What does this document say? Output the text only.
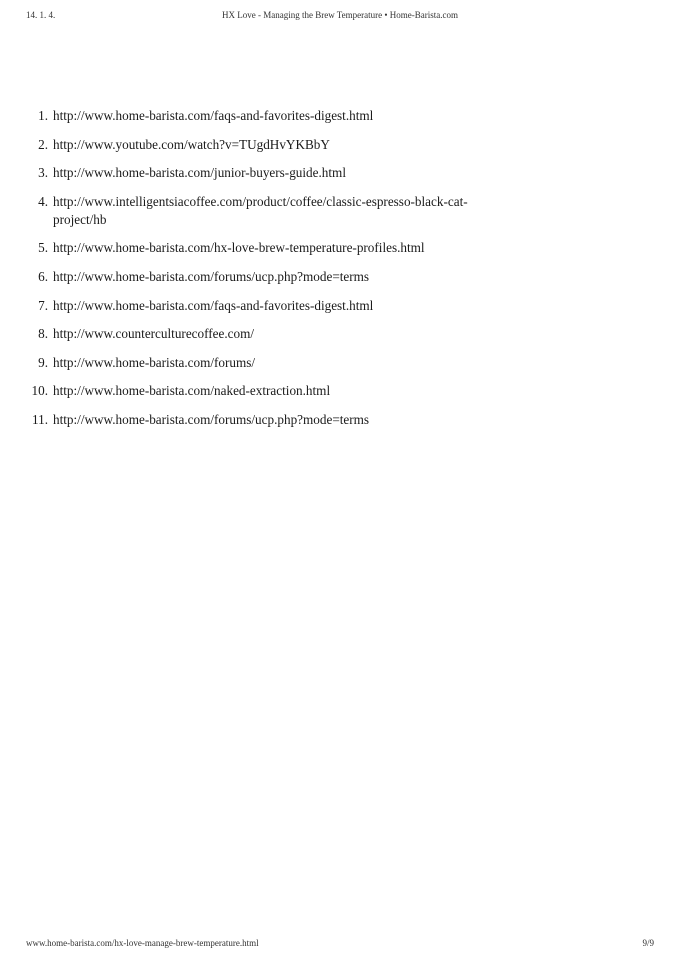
14. 1. 4.	HX Love - Managing the Brew Temperature • Home-Barista.com
1. http://www.home-barista.com/faqs-and-favorites-digest.html
2. http://www.youtube.com/watch?v=TUgdHvYKBbY
3. http://www.home-barista.com/junior-buyers-guide.html
4. http://www.intelligentsiacoffee.com/product/coffee/classic-espresso-black-cat-
project/hb
5. http://www.home-barista.com/hx-love-brew-temperature-profiles.html
6. http://www.home-barista.com/forums/ucp.php?mode=terms
7. http://www.home-barista.com/faqs-and-favorites-digest.html
8. http://www.counterculturecoffee.com/
9. http://www.home-barista.com/forums/
10. http://www.home-barista.com/naked-extraction.html
11. http://www.home-barista.com/forums/ucp.php?mode=terms
www.home-barista.com/hx-love-manage-brew-temperature.html	9/9
